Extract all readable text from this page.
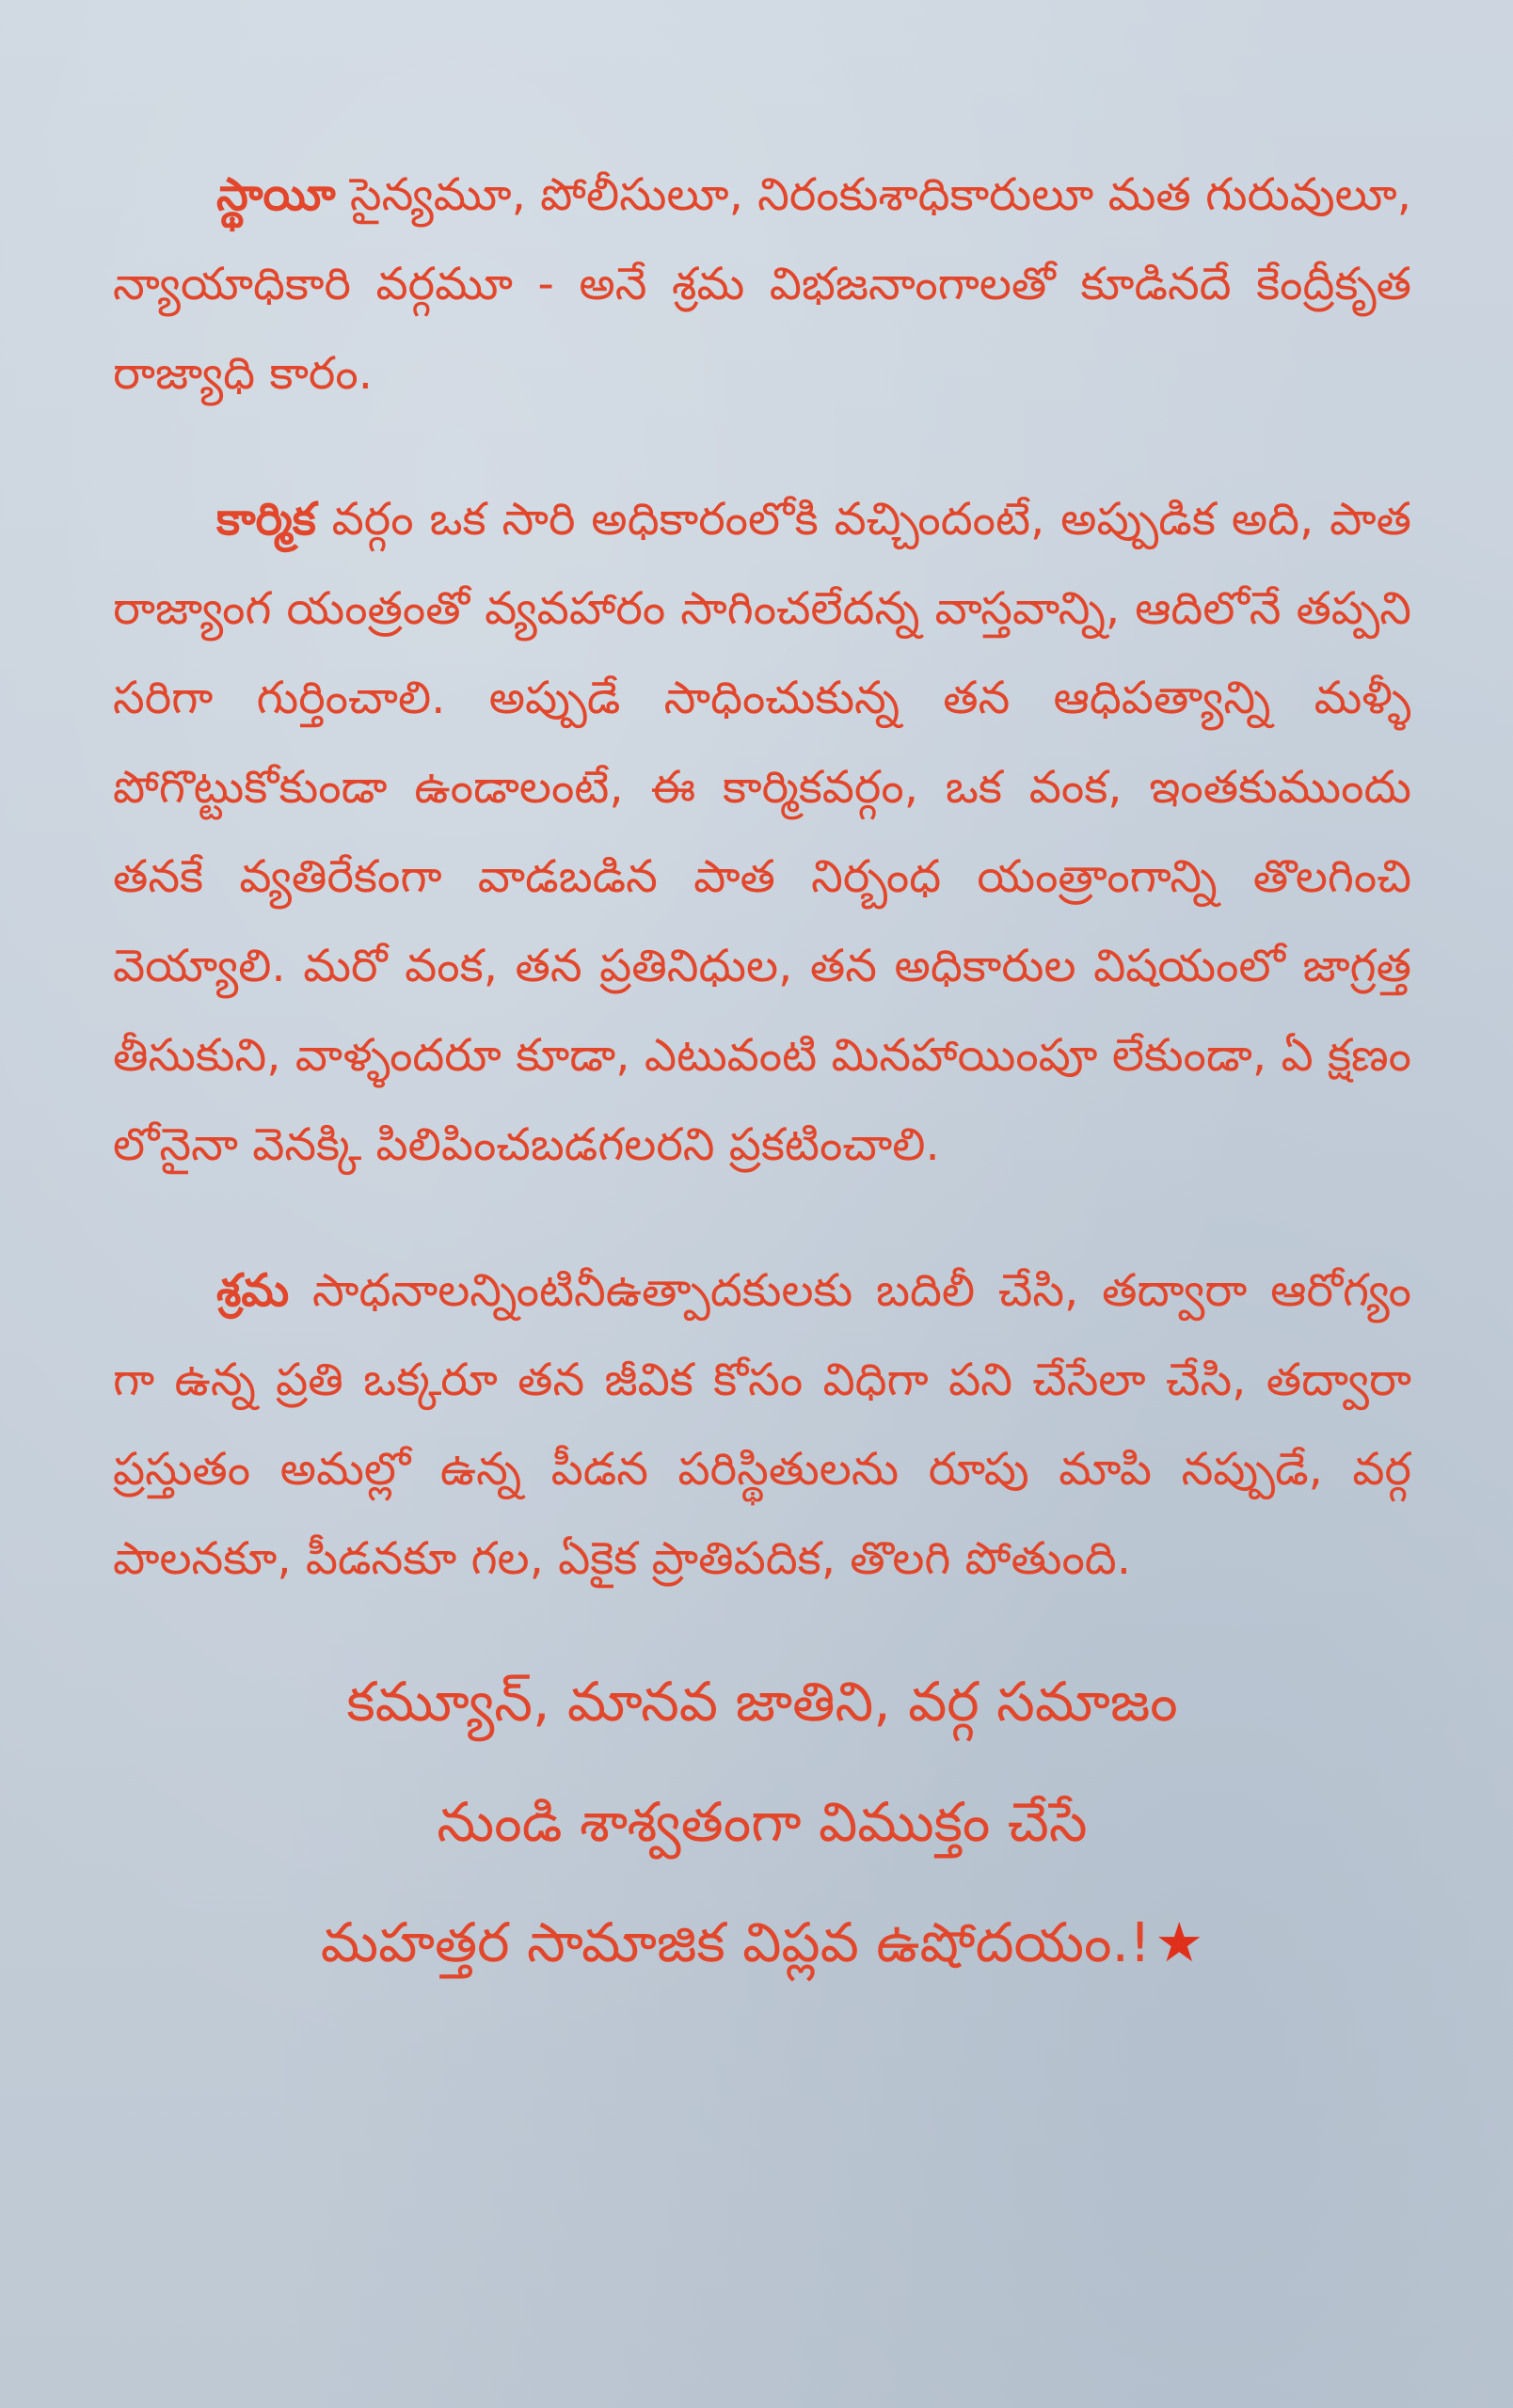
స్థాయీ సైన్యమూ, పోలీసులూ, నిరంకుశాధికారులూ మత గురువులూ, న్యాయాధికారి వర్గమూ - అనే శ్రమ విభజనాంగాలతో కూడినదే కేంద్రీకృత రాజ్యాధి కారం.

కార్మిక వర్గం ఒక సారి అధికారంలోకి వచ్చిందంటే, అప్పుడిక అది, పాత రాజ్యాంగ యంత్రంతో వ్యవహారం సాగించలేదన్న వాస్తవాన్ని, ఆదిలోనే తప్పని సరిగా గుర్తించాలి. అప్పుడే సాధించుకున్న తన ఆధిపత్యాన్ని మళ్ళీ పోగొట్టుకోకుండా ఉండాలంటే, ఈ కార్మికవర్గం, ఒక వంక, ఇంతకుముందు తనకే వ్యతిరేకంగా వాడబడిన పాత నిర్బంధ యంత్రాంగాన్ని తొలగించి వెయ్యాలి. మరో వంక, తన ప్రతినిధుల, తన అధికారుల విషయంలో జాగ్రత్త తీసుకుని, వాళ్ళందరూ కూడా, ఎటువంటి మినహాయింపూ లేకుండా, ఏ క్షణం లోనైనా వెనక్కి పిలిపించబడగలరని ప్రకటించాలి.

శ్రమ సాధనాలన్నింటినీఉత్పాదకులకు బదిలీ చేసి, తద్వారా ఆరోగ్యం గా ఉన్న ప్రతి ఒక్కరూ తన జీవిక కోసం విధిగా పని చేసేలా చేసి, తద్వారా ప్రస్తుతం అమల్లో ఉన్న పీడన పరిస్థితులను రూపు మాపి నప్పుడే, వర్గ పాలనకూ, పీడనకూ గల, ఏకైక ప్రాతిపదిక, తొలగి పోతుంది.

కమ్యూన్, మానవ జాతిని, వర్గ సమాజం
నుండి శాశ్వతంగా విముక్తం చేసే
మహత్తర సామాజిక విప్లవ ఉషోదయం.!★
